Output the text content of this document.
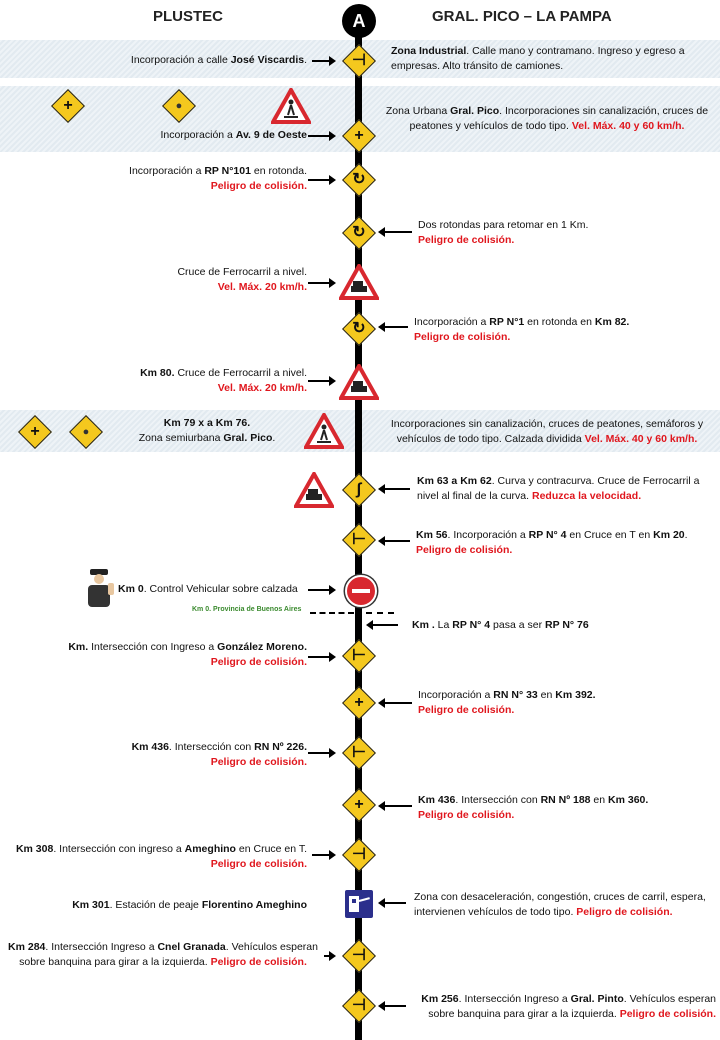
PLUSTEC	A	GRAL. PICO – LA PAMPA
⊣
+
↻
↻
↻
∫
⊢
⊢
+
⊢
+
⊣
⊣
⊣
+	●
+	●
Incorporación a calle José Viscardis.
Zona Industrial. Calle mano y contramano. Ingreso y egreso a empresas. Alto tránsito de camiones.
Zona Urbana Gral. Pico. Incorporaciones sin canalización, cruces de peatones y vehículos de todo tipo. Vel. Máx. 40 y 60 km/h.
Incorporación a Av. 9 de Oeste
Incorporación a RP N°101 en rotonda.
Peligro de colisión.
Dos rotondas para retomar en 1 Km.
Peligro de colisión.
Cruce de Ferrocarril a nivel.
Vel. Máx. 20 km/h.
Incorporación a RP N°1 en rotonda en Km 82.
Peligro de colisión.
Km 80. Cruce de Ferrocarril a nivel.
Vel. Máx. 20 km/h.
Km 79 x a Km 76.
Zona semiurbana Gral. Pico.
Incorporaciones sin canalización, cruces de peatones, semáforos y vehículos de todo tipo. Calzada dividida Vel. Máx. 40 y 60 km/h.
Km 63 a Km 62. Curva y contracurva. Cruce de Ferrocarril a nivel al final de la curva. Reduzca la velocidad.
Km 56. Incorporación a RP N° 4 en Cruce en T en Km 20.
Peligro de colisión.
Km 0. Control Vehicular sobre calzada
Km 0. Provincia de Buenos Aires
Km . La RP N° 4 pasa a ser RP N° 76
Km. Intersección con Ingreso a González Moreno.
Peligro de colisión.
Incorporación a RN N° 33 en Km 392.
Peligro de colisión.
Km 436. Intersección con RN Nº 226.
Peligro de colisión.
Km 436. Intersección con RN Nº 188 en Km 360.
Peligro de colisión.
Km 308. Intersección con ingreso a Ameghino en Cruce en T.
Peligro de colisión.
Km 301. Estación de peaje Florentino Ameghino
Zona con desaceleración, congestión, cruces de carril, espera, intervienen vehículos de todo tipo. Peligro de colisión.
Km 284. Intersección Ingreso a Cnel Granada. Vehículos esperan sobre banquina para girar a la izquierda. Peligro de colisión.
Km 256. Intersección Ingreso a Gral. Pinto. Vehículos esperan sobre banquina para girar a la izquierda. Peligro de colisión.
